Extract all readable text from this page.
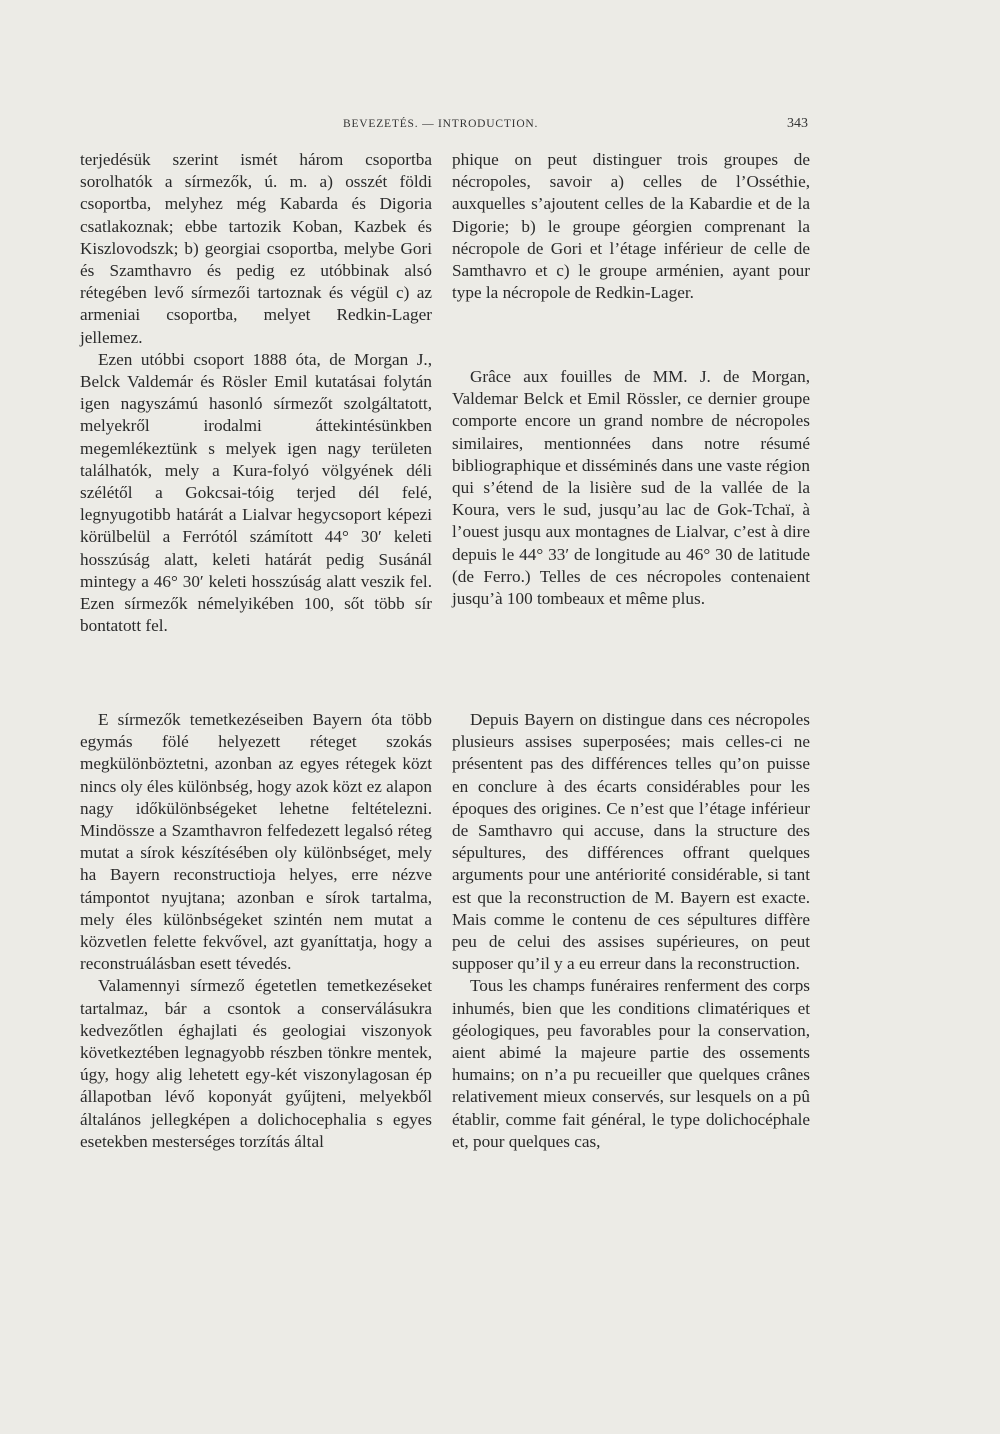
BEVEZETÉS. — INTRODUCTION.	343

terjedésük szerint ismét három csoportba sorolhatók a sírmezők, ú. m. a) osszét földi csoportba, melyhez még Kabarda és Digoria csatlakoznak; ebbe tartozik Koban, Kazbek és Kiszlovodszk; b) georgiai csoportba, melybe Gori és Szamthavro és pedig ez utóbbinak alsó rétegében levő sírmezői tartoznak és végül c) az armeniai csoportba, melyet Redkin-Lager jellemez.

Ezen utóbbi csoport 1888 óta, de Morgan J., Belck Valdemár és Rösler Emil kutatásai folytán igen nagyszámú hasonló sírmezőt szolgáltatott, melyekről irodalmi áttekintésünkben megemlékeztünk s melyek igen nagy területen találhatók, mely a Kura-folyó völgyének déli szélétől a Gokcsai-tóig terjed dél felé, legnyugotibb határát a Lialvar hegycsoport képezi körülbelül a Ferrótól számított 44° 30′ keleti hosszúság alatt, keleti határát pedig Susánál mintegy a 46° 30′ keleti hosszúság alatt veszik fel. Ezen sírmezők némelyikében 100, sőt több sír bontatott fel.

E sírmezők temetkezéseiben Bayern óta több egymás fölé helyezett réteget szokás megkülönböztetni, azonban az egyes rétegek közt nincs oly éles különbség, hogy azok közt ez alapon nagy időkülönbségeket lehetne feltételezni. Mindössze a Szamthavron felfedezett legalsó réteg mutat a sírok készítésében oly különbséget, mely ha Bayern reconstructioja helyes, erre nézve támpontot nyujtana; azonban e sírok tartalma, mely éles különbségeket szintén nem mutat a közvetlen felette fekvővel, azt gyaníttatja, hogy a reconstruálásban esett tévedés.

Valamennyi sírmező égetetlen temetkezéseket tartalmaz, bár a csontok a conserválásukra kedvezőtlen éghajlati és geologiai viszonyok következtében legnagyobb részben tönkre mentek, úgy, hogy alig lehetett egy-két viszonylagosan ép állapotban lévő koponyát gyűjteni, melyekből általános jellegképen a dolichocephalia s egyes esetekben mesterséges torzítás által

phique on peut distinguer trois groupes de nécropoles, savoir a) celles de l’Osséthie, auxquelles s’ajoutent celles de la Kabardie et de la Digorie; b) le groupe géorgien comprenant la nécropole de Gori et l’étage inférieur de celle de Samthavro et c) le groupe arménien, ayant pour type la nécropole de Redkin-Lager.

Grâce aux fouilles de MM. J. de Morgan, Valdemar Belck et Emil Rössler, ce dernier groupe comporte encore un grand nombre de nécropoles similaires, mentionnées dans notre résumé bibliographique et disséminés dans une vaste région qui s’étend de la lisière sud de la vallée de la Koura, vers le sud, jusqu’au lac de Gok-Tchaï, à l’ouest jusqu aux montagnes de Lialvar, c’est à dire depuis le 44° 33′ de longitude au 46° 30 de latitude (de Ferro.) Telles de ces nécropoles contenaient jusqu’à 100 tombeaux et même plus.

Depuis Bayern on distingue dans ces nécropoles plusieurs assises superposées; mais celles-ci ne présentent pas des différences telles qu’on puisse en conclure à des écarts considérables pour les époques des origines. Ce n’est que l’étage inférieur de Samthavro qui accuse, dans la structure des sépultures, des différences offrant quelques arguments pour une antériorité considérable, si tant est que la reconstruction de M. Bayern est exacte. Mais comme le contenu de ces sépultures diffère peu de celui des assises supérieures, on peut supposer qu’il y a eu erreur dans la reconstruction.

Tous les champs funéraires renferment des corps inhumés, bien que les conditions climatériques et géologiques, peu favorables pour la conservation, aient abimé la majeure partie des ossements humains; on n’a pu recueiller que quelques crânes relativement mieux conservés, sur lesquels on a pû établir, comme fait général, le type dolichocéphale et, pour quelques cas,
